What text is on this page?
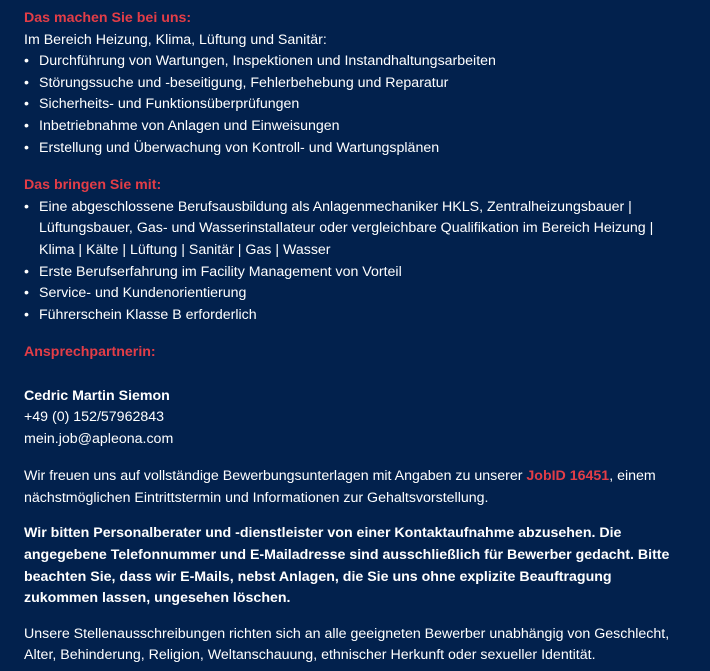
Das machen Sie bei uns:
Im Bereich Heizung, Klima, Lüftung und Sanitär:
• Durchführung von Wartungen, Inspektionen und Instandhaltungsarbeiten
• Störungssuche und -beseitigung, Fehlerbehebung und Reparatur
• Sicherheits- und Funktionsüberprüfungen
• Inbetriebnahme von Anlagen und Einweisungen
• Erstellung und Überwachung von Kontroll- und Wartungsplänen
Das bringen Sie mit:
• Eine abgeschlossene Berufsausbildung als Anlagenmechaniker HKLS, Zentralheizungsbauer | Lüftungsbauer, Gas- und Wasserinstallateur oder vergleichbare Qualifikation im Bereich Heizung | Klima | Kälte | Lüftung | Sanitär | Gas | Wasser
• Erste Berufserfahrung im Facility Management von Vorteil
• Service- und Kundenorientierung
• Führerschein Klasse B erforderlich
Ansprechpartnerin:
Cedric Martin Siemon
+49 (0) 152/57962843
mein.job@apleona.com

Wir freuen uns auf vollständige Bewerbungsunterlagen mit Angaben zu unserer JobID 16451, einem nächstmöglichen Eintrittstermin und Informationen zur Gehaltsvorstellung.

Wir bitten Personalberater und -dienstleister von einer Kontaktaufnahme abzusehen. Die angegebene Telefonnummer und E-Mailadresse sind ausschließlich für Bewerber gedacht. Bitte beachten Sie, dass wir E-Mails, nebst Anlagen, die Sie uns ohne explizite Beauftragung zukommen lassen, ungesehen löschen.

Unsere Stellenausschreibungen richten sich an alle geeigneten Bewerber unabhängig von Geschlecht, Alter, Behinderung, Religion, Weltanschauung, ethnischer Herkunft oder sexueller Identität.
